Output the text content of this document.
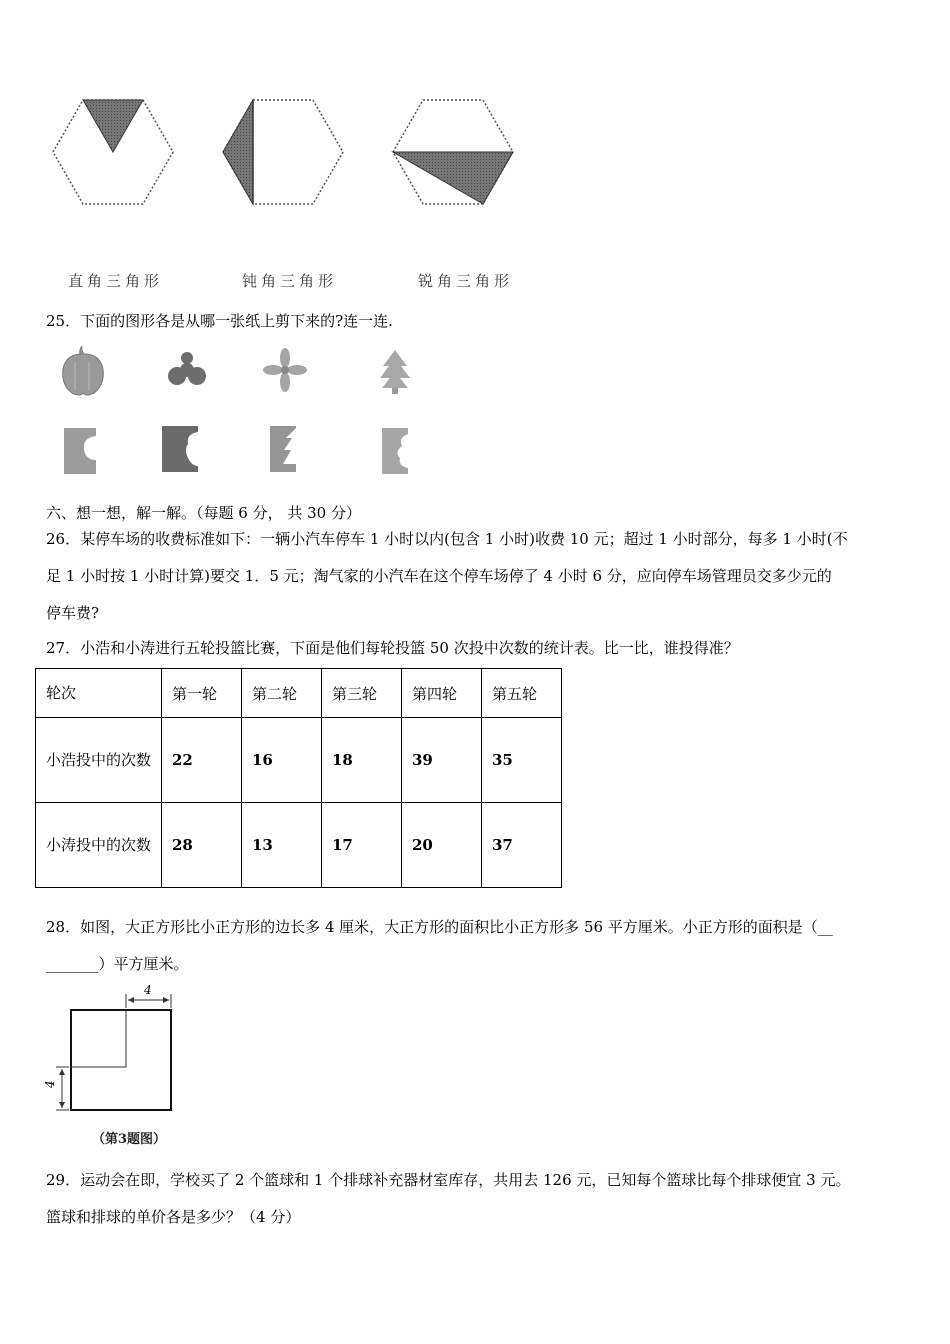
直角三角形	钝角三角形	锐角三角形
25．下面的图形各是从哪一张纸上剪下来的?连一连.
六、想一想，解一解。（每题 6 分， 共 30 分）
26．某停车场的收费标准如下：一辆小汽车停车 1 小时以内(包含 1 小时)收费 10 元；超过 1 小时部分，每多 1 小时(不
足 1 小时按 1 小时计算)要交 1．5 元；淘气家的小汽车在这个停车场停了 4 小时 6 分，应向停车场管理员交多少元的
停车费?
27．小浩和小涛进行五轮投篮比赛，下面是他们每轮投篮 50 次投中次数的统计表。比一比，谁投得准？
轮次	第一轮	第二轮	第三轮	第四轮	第五轮
小浩投中的次数	22	16	18	39	35
小涛投中的次数	28	13	17	20	37
28．如图，大正方形比小正方形的边长多 4 厘米，大正方形的面积比小正方形多 56 平方厘米。小正方形的面积是（__
_______）平方厘米。
4
4
（第3题图）
29．运动会在即，学校买了 2 个篮球和 1 个排球补充器材室库存，共用去 126 元，已知每个篮球比每个排球便宜 3 元。
篮球和排球的单价各是多少？（4 分）
